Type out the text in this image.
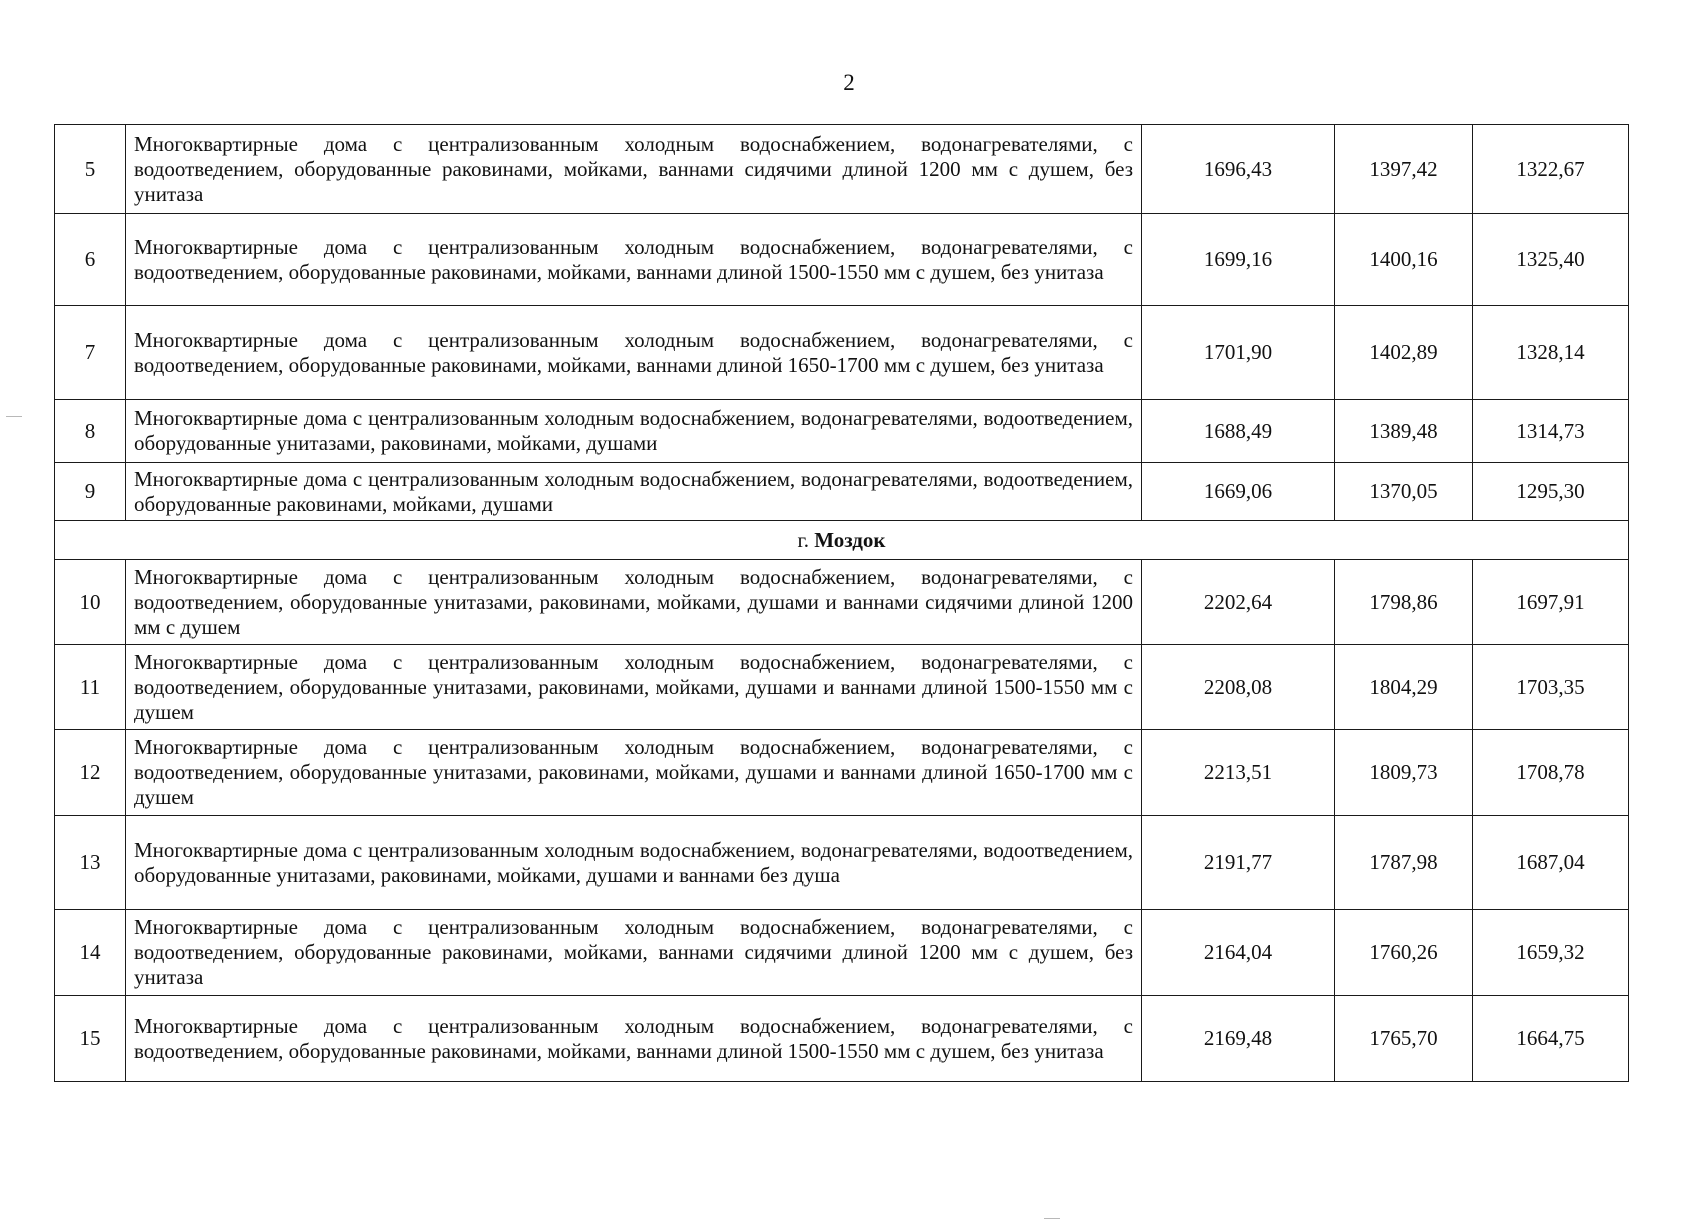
2
5	Многоквартирные дома с централизованным холодным водоснабжением, водонагревателями, с водоотведением, оборудованные раковинами, мойками, ваннами сидячими длиной 1200 мм с душем, без унитаза	1696,43	1397,42	1322,67
6	Многоквартирные дома с централизованным холодным водоснабжением, водонагревателями, с водоотведением, оборудованные раковинами, мойками, ваннами длиной 1500-1550 мм с душем, без унитаза	1699,16	1400,16	1325,40
7	Многоквартирные дома с централизованным холодным водоснабжением, водонагревателями, с водоотведением, оборудованные раковинами, мойками, ваннами длиной 1650-1700 мм с душем, без унитаза	1701,90	1402,89	1328,14
8	Многоквартирные дома с централизованным холодным водоснабжением, водонагревателями, водоотведением, оборудованные унитазами, раковинами, мойками, душами	1688,49	1389,48	1314,73
9	Многоквартирные дома с централизованным холодным водоснабжением, водонагревателями, водоотведением, оборудованные раковинами, мойками, душами	1669,06	1370,05	1295,30
г. Моздок				
10	Многоквартирные дома с централизованным холодным водоснабжением, водонагревателями, с водоотведением, оборудованные унитазами, раковинами, мойками, душами и ваннами сидячими длиной 1200 мм с душем	2202,64	1798,86	1697,91
11	Многоквартирные дома с централизованным холодным водоснабжением, водонагревателями, с водоотведением, оборудованные унитазами, раковинами, мойками, душами и ваннами длиной 1500-1550 мм с душем	2208,08	1804,29	1703,35
12	Многоквартирные дома с централизованным холодным водоснабжением, водонагревателями, с водоотведением, оборудованные унитазами, раковинами, мойками, душами и ваннами длиной 1650-1700 мм с душем	2213,51	1809,73	1708,78
13	Многоквартирные дома с централизованным холодным водоснабжением, водонагревателями, водоотведением, оборудованные унитазами, раковинами, мойками, душами и ваннами без душа	2191,77	1787,98	1687,04
14	Многоквартирные дома с централизованным холодным водоснабжением, водонагревателями, с водоотведением, оборудованные раковинами, мойками, ваннами сидячими длиной 1200 мм с душем, без унитаза	2164,04	1760,26	1659,32
15	Многоквартирные дома с централизованным холодным водоснабжением, водонагревателями, с водоотведением, оборудованные раковинами, мойками, ваннами длиной 1500-1550 мм с душем, без унитаза	2169,48	1765,70	1664,75
